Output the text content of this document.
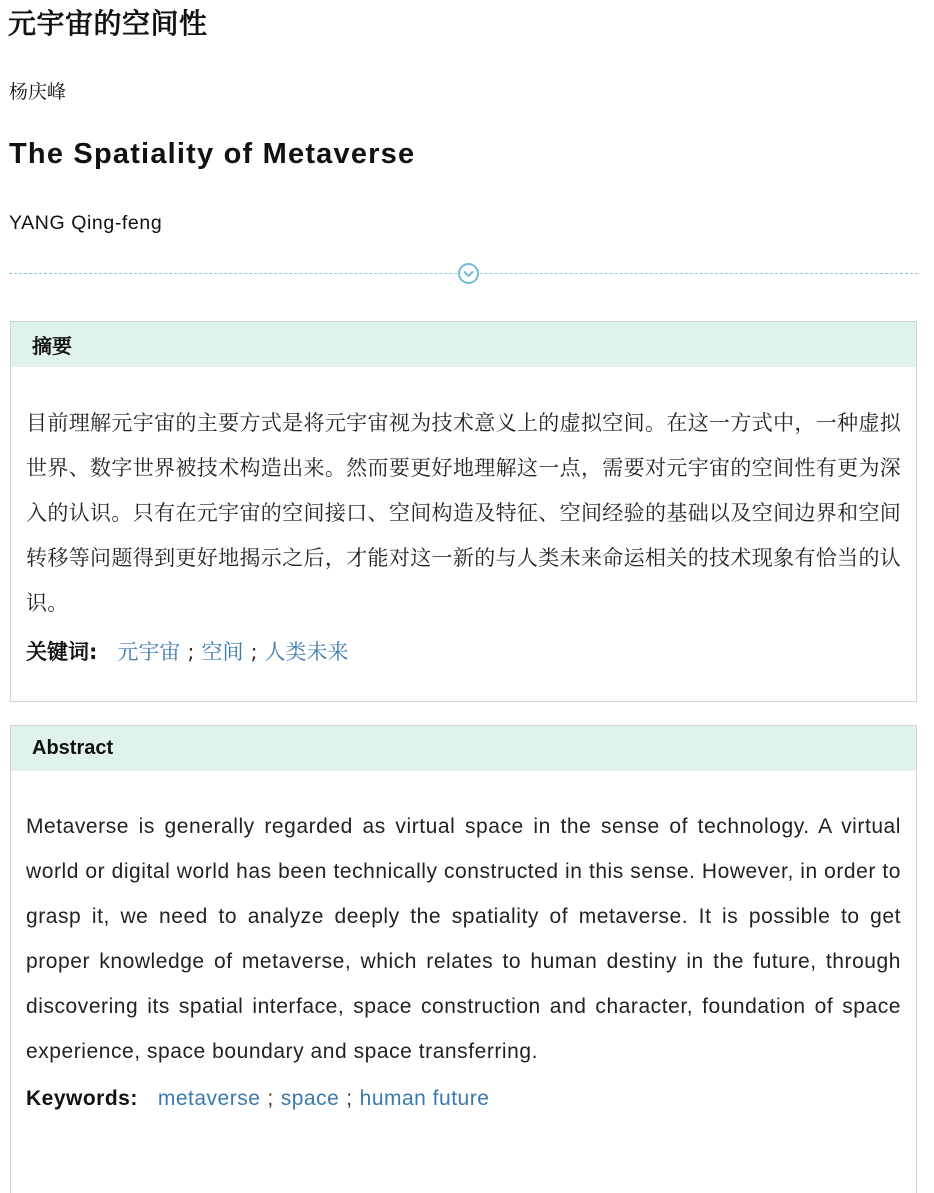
元宇宙的空间性

杨庆峰

The Spatiality of Metaverse

YANG Qing-feng

摘要

目前理解元宇宙的主要方式是将元宇宙视为技术意义上的虚拟空间。在这一方式中，一种虚拟世界、数字世界被技术构造出来。然而要更好地理解这一点，需要对元宇宙的空间性有更为深入的认识。只有在元宇宙的空间接口、空间构造及特征、空间经验的基础以及空间边界和空间转移等问题得到更好地揭示之后，才能对这一新的与人类未来命运相关的技术现象有恰当的认识。

关键词: 元宇宙 ; 空间 ; 人类未来
Abstract

Metaverse is generally regarded as virtual space in the sense of technology. A virtual world or digital world has been technically constructed in this sense. However, in order to grasp it, we need to analyze deeply the spatiality of metaverse. It is possible to get proper knowledge of metaverse, which relates to human destiny in the future, through discovering its spatial interface, space construction and character, foundation of space experience, space boundary and space transferring.

Keywords: metaverse ; space ; human future
